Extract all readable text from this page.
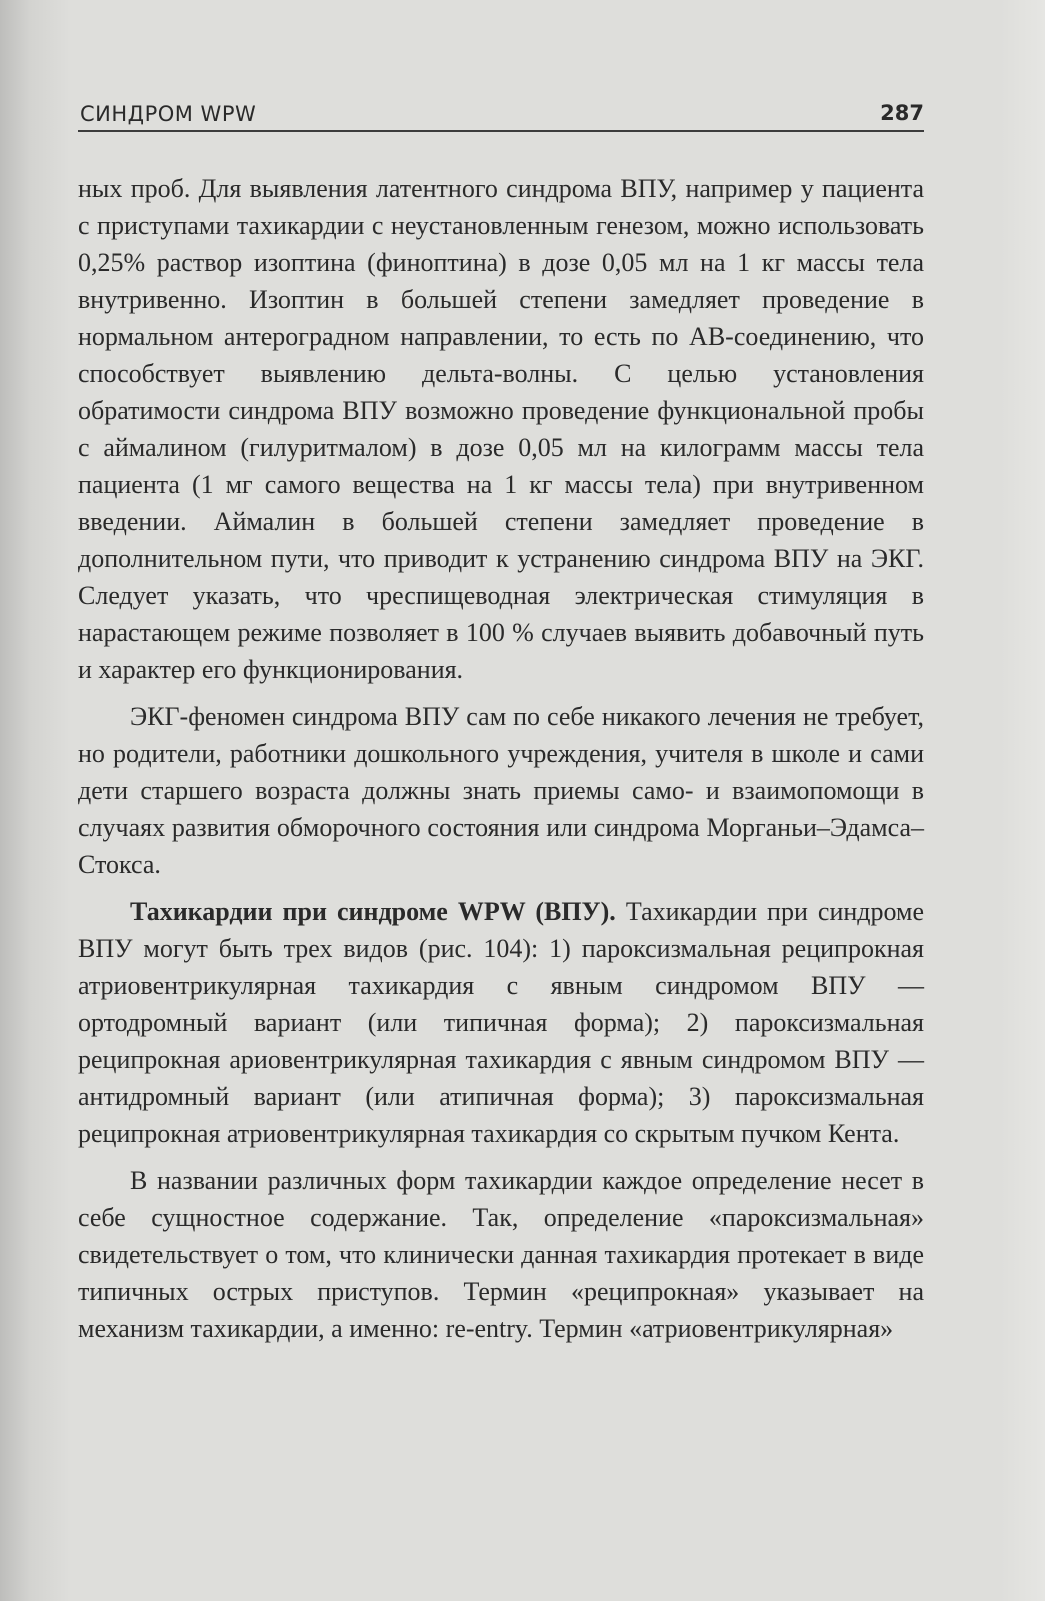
СИНДРОМ WPW	287

ных проб. Для выявления латентного синдрома ВПУ, например у пациента с приступами тахикардии с неустановленным генезом, можно использовать 0,25% раствор изоптина (финоптина) в дозе 0,05 мл на 1 кг массы тела внутривенно. Изоптин в большей степени замедляет проведение в нормальном антероградном направлении, то есть по АВ-соединению, что способствует выявлению дельта-волны. С целью установления обратимости синдрома ВПУ возможно проведение функциональной пробы с аймалином (гилуритмалом) в дозе 0,05 мл на килограмм массы тела пациента (1 мг самого вещества на 1 кг массы тела) при внутривенном введении. Аймалин в большей степени замедляет проведение в дополнительном пути, что приводит к устранению синдрома ВПУ на ЭКГ. Следует указать, что чреспищеводная электрическая стимуляция в нарастающем режиме позволяет в 100 % случаев выявить добавочный путь и характер его функционирования.

ЭКГ-феномен синдрома ВПУ сам по себе никакого лечения не требует, но родители, работники дошкольного учреждения, учителя в школе и сами дети старшего возраста должны знать приемы само- и взаимопомощи в случаях развития обморочного состояния или синдрома Морганьи–Эдамса–Стокса.

Тахикардии при синдроме WPW (ВПУ). Тахикардии при синдроме ВПУ могут быть трех видов (рис. 104): 1) пароксизмальная реципрокная атриовентрикулярная тахикардия с явным синдромом ВПУ — ортодромный вариант (или типичная форма); 2) пароксизмальная реципрокная ариовентрикулярная тахикардия с явным синдромом ВПУ — антидромный вариант (или атипичная форма); 3) пароксизмальная реципрокная атриовентрикулярная тахикардия со скрытым пучком Кента.

В названии различных форм тахикардии каждое определение несет в себе сущностное содержание. Так, определение «пароксизмальная» свидетельствует о том, что клинически данная тахикардия протекает в виде типичных острых приступов. Термин «реципрокная» указывает на механизм тахикардии, а именно: re-entry. Термин «атриовентрикулярная»
